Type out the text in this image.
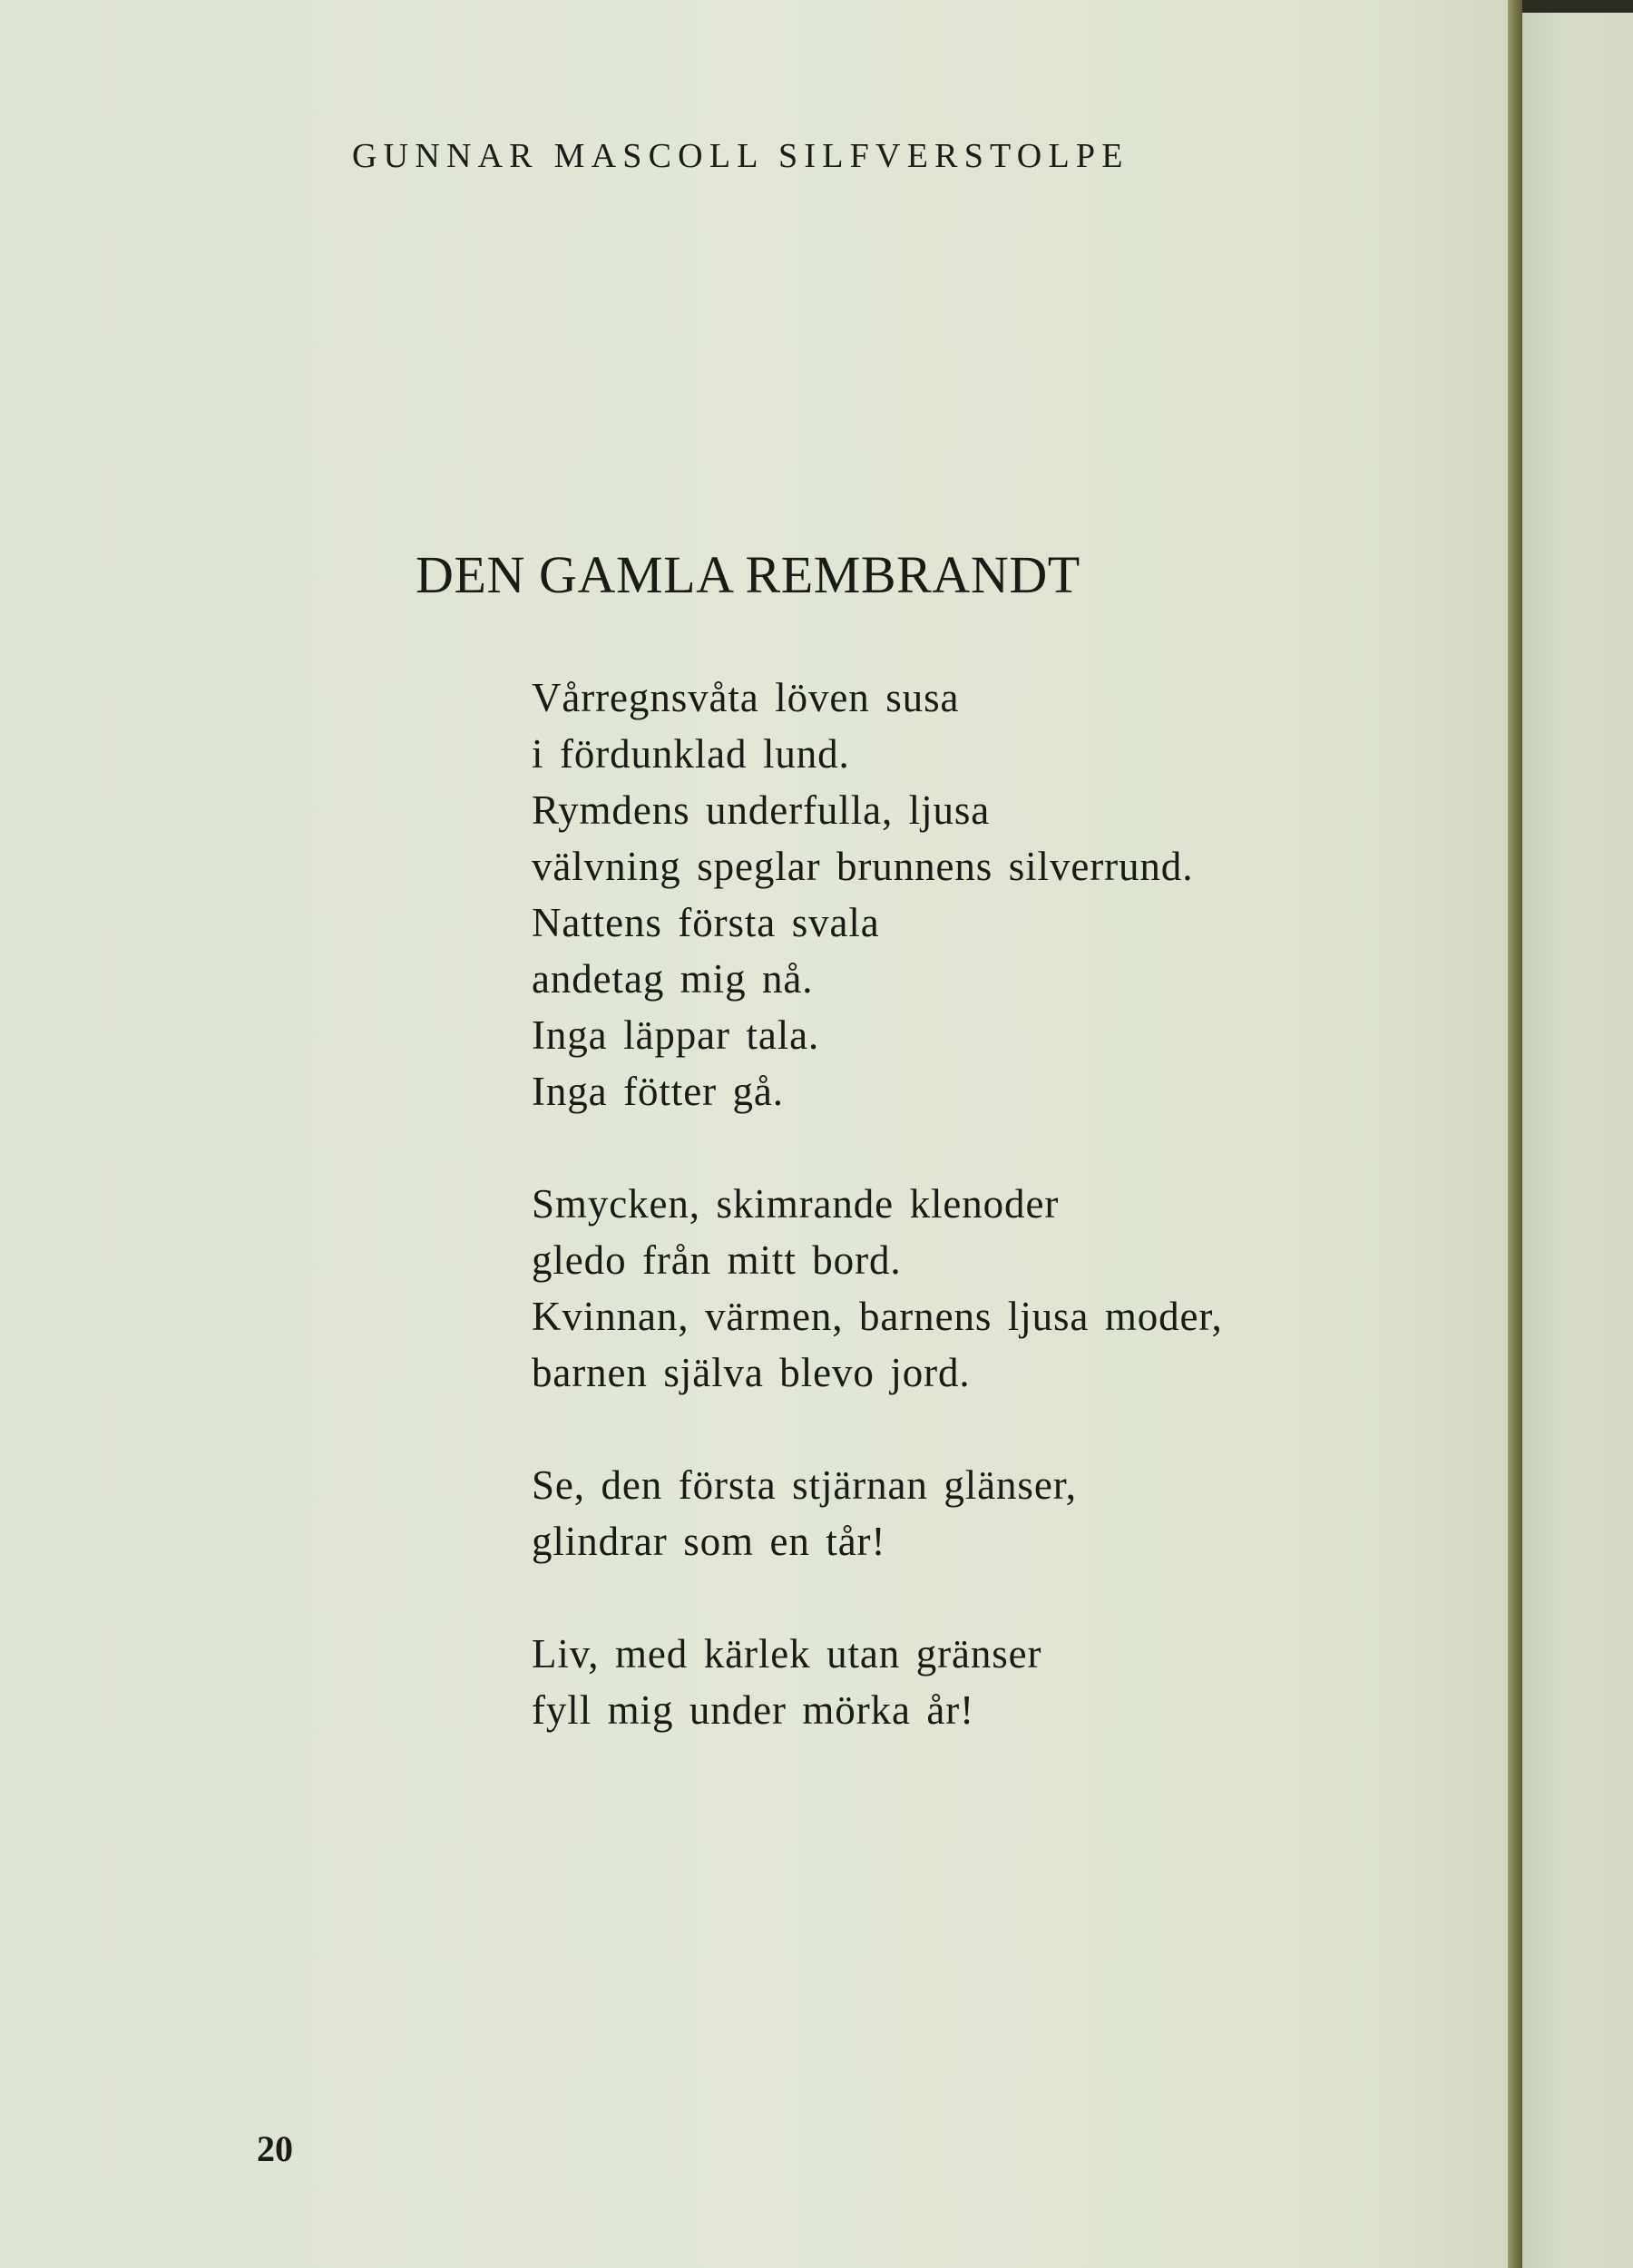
GUNNAR MASCOLL SILFVERSTOLPE
DEN GAMLA REMBRANDT
Vårregnsvåta löven susa
i fördunklad lund.
Rymdens underfulla, ljusa
välvning speglar brunnens silverrund.
Nattens första svala
andetag mig nå.
Inga läppar tala.
Inga fötter gå.
Smycken, skimrande klenoder
gledo från mitt bord.
Kvinnan, värmen, barnens ljusa moder,
barnen själva blevo jord.
Se, den första stjärnan glänser,
glindrar som en tår!
Liv, med kärlek utan gränser
fyll mig under mörka år!
20
